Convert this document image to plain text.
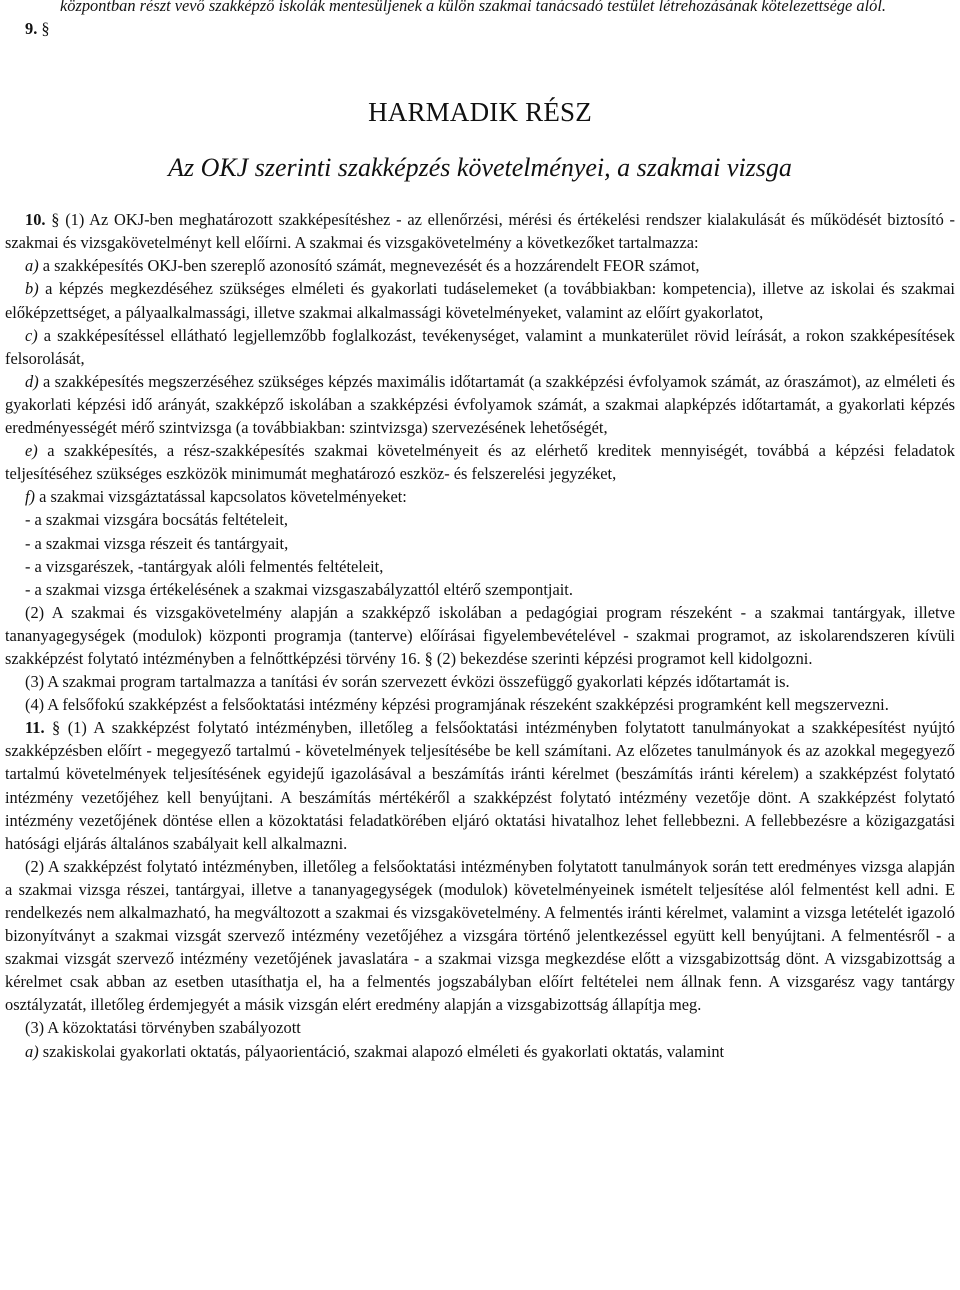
központban részt vevő szakképző iskolák mentesüljenek a külön szakmai tanácsadó testület létrehozásának kötelezettsége alól.

9. §

HARMADIK RÉSZ
Az OKJ szerinti szakképzés követelményei, a szakmai vizsga

10. § (1) Az OKJ-ben meghatározott szakképesítéshez - az ellenőrzési, mérési és értékelési rendszer kialakulását és működését biztosító - szakmai és vizsgakövetelményt kell előírni. A szakmai és vizsgakövetelmény a következőket tartalmazza:

a) a szakképesítés OKJ-ben szereplő azonosító számát, megnevezését és a hozzárendelt FEOR számot,

b) a képzés megkezdéséhez szükséges elméleti és gyakorlati tudáselemeket (a továbbiakban: kompetencia), illetve az iskolai és szakmai előképzettséget, a pályaalkalmassági, illetve szakmai alkalmassági követelményeket, valamint az előírt gyakorlatot,

c) a szakképesítéssel ellátható legjellemzőbb foglalkozást, tevékenységet, valamint a munkaterület rövid leírását, a rokon szakképesítések felsorolását,

d) a szakképesítés megszerzéséhez szükséges képzés maximális időtartamát (a szakképzési évfolyamok számát, az óraszámot), az elméleti és gyakorlati képzési idő arányát, szakképző iskolában a szakképzési évfolyamok számát, a szakmai alapképzés időtartamát, a gyakorlati képzés eredményességét mérő szintvizsga (a továbbiakban: szintvizsga) szervezésének lehetőségét,

e) a szakképesítés, a rész-szakképesítés szakmai követelményeit és az elérhető kreditek mennyiségét, továbbá a képzési feladatok teljesítéséhez szükséges eszközök minimumát meghatározó eszköz- és felszerelési jegyzéket,

f) a szakmai vizsgáztatással kapcsolatos követelményeket:

- a szakmai vizsgára bocsátás feltételeit,

- a szakmai vizsga részeit és tantárgyait,

- a vizsgarészek, -tantárgyak alóli felmentés feltételeit,

- a szakmai vizsga értékelésének a szakmai vizsgaszabályzattól eltérő szempontjait.

(2) A szakmai és vizsgakövetelmény alapján a szakképző iskolában a pedagógiai program részeként - a szakmai tantárgyak, illetve tananyagegységek (modulok) központi programja (tanterve) előírásai figyelembevételével - szakmai programot, az iskolarendszeren kívüli szakképzést folytató intézményben a felnőttképzési törvény 16. § (2) bekezdése szerinti képzési programot kell kidolgozni.

(3) A szakmai program tartalmazza a tanítási év során szervezett évközi összefüggő gyakorlati képzés időtartamát is.

(4) A felsőfokú szakképzést a felsőoktatási intézmény képzési programjának részeként szakképzési programként kell megszervezni.

11. § (1) A szakképzést folytató intézményben, illetőleg a felsőoktatási intézményben folytatott tanulmányokat a szakképesítést nyújtó szakképzésben előírt - megegyező tartalmú - követelmények teljesítésébe be kell számítani. Az előzetes tanulmányok és az azokkal megegyező tartalmú követelmények teljesítésének egyidejű igazolásával a beszámítás iránti kérelmet (beszámítás iránti kérelem) a szakképzést folytató intézmény vezetőjéhez kell benyújtani. A beszámítás mértékéről a szakképzést folytató intézmény vezetője dönt. A szakképzést folytató intézmény vezetőjének döntése ellen a közoktatási feladatkörében eljáró oktatási hivatalhoz lehet fellebbezni. A fellebbezésre a közigazgatási hatósági eljárás általános szabályait kell alkalmazni.

(2) A szakképzést folytató intézményben, illetőleg a felsőoktatási intézményben folytatott tanulmányok során tett eredményes vizsga alapján a szakmai vizsga részei, tantárgyai, illetve a tananyagegységek (modulok) követelményeinek ismételt teljesítése alól felmentést kell adni. E rendelkezés nem alkalmazható, ha megváltozott a szakmai és vizsgakövetelmény. A felmentés iránti kérelmet, valamint a vizsga letételét igazoló bizonyítványt a szakmai vizsgát szervező intézmény vezetőjéhez a vizsgára történő jelentkezéssel együtt kell benyújtani. A felmentésről - a szakmai vizsgát szervező intézmény vezetőjének javaslatára - a szakmai vizsga megkezdése előtt a vizsgabizottság dönt. A vizsgabizottság a kérelmet csak abban az esetben utasíthatja el, ha a felmentés jogszabályban előírt feltételei nem állnak fenn. A vizsgarész vagy tantárgy osztályzatát, illetőleg érdemjegyét a másik vizsgán elért eredmény alapján a vizsgabizottság állapítja meg.

(3) A közoktatási törvényben szabályozott

a) szakiskolai gyakorlati oktatás, pályaorientáció, szakmai alapozó elméleti és gyakorlati oktatás, valamint
